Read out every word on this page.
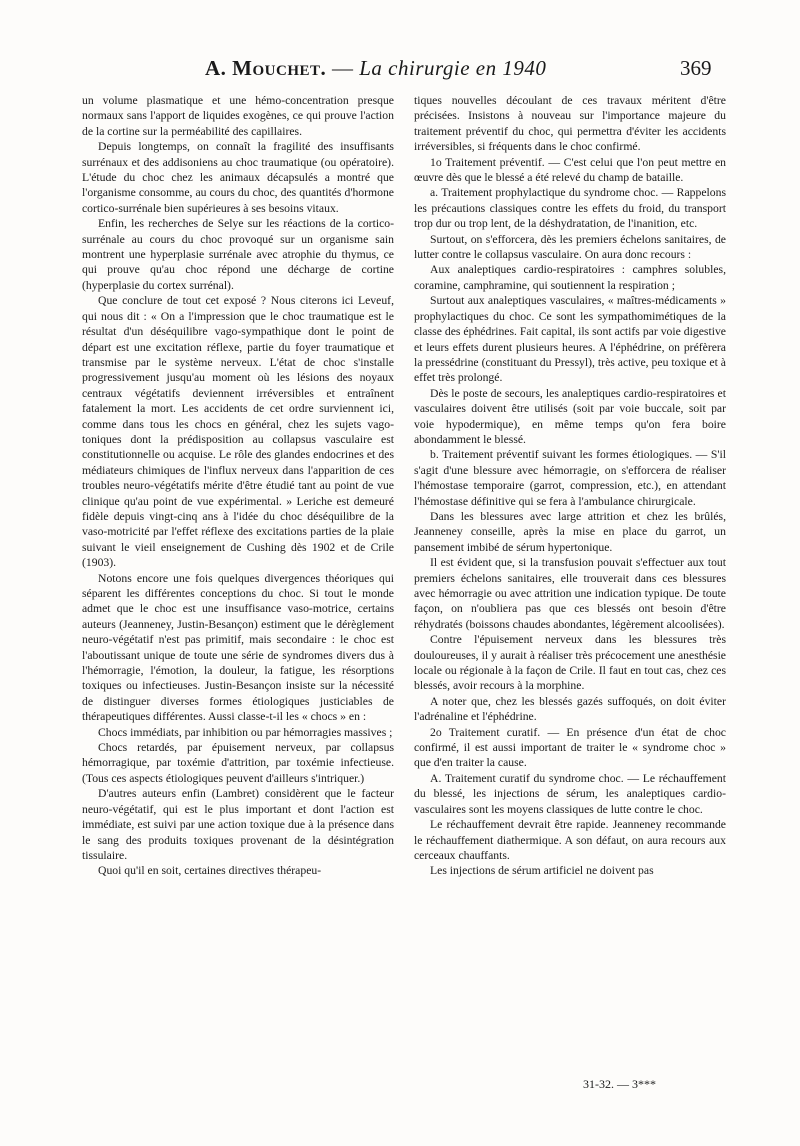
A. Mouchet. — La chirurgie en 1940	369

un volume plasmatique et une hémo-concentration presque normaux sans l'apport de liquides exogènes, ce qui prouve l'action de la cortine sur la perméabilité des capillaires.

Depuis longtemps, on connaît la fragilité des insuffisants surrénaux et des addisoniens au choc traumatique (ou opératoire). L'étude du choc chez les animaux décapsulés a montré que l'organisme consomme, au cours du choc, des quantités d'hormone cortico-surrénale bien supérieures à ses besoins vitaux.

Enfin, les recherches de Selye sur les réactions de la cortico-surrénale au cours du choc provoqué sur un organisme sain montrent une hyperplasie surrénale avec atrophie du thymus, ce qui prouve qu'au choc répond une décharge de cortine (hyperplasie du cortex surrénal).

Que conclure de tout cet exposé ? Nous citerons ici Leveuf, qui nous dit : « On a l'impression que le choc traumatique est le résultat d'un déséquilibre vago-sympathique dont le point de départ est une excitation réflexe, partie du foyer traumatique et transmise par le système nerveux. L'état de choc s'installe progressivement jusqu'au moment où les lésions des noyaux centraux végétatifs deviennent irréversibles et entraînent fatalement la mort. Les accidents de cet ordre surviennent ici, comme dans tous les chocs en général, chez les sujets vago-toniques dont la prédisposition au collapsus vasculaire est constitutionnelle ou acquise. Le rôle des glandes endocrines et des médiateurs chimiques de l'influx nerveux dans l'apparition de ces troubles neuro-végétatifs mérite d'être étudié tant au point de vue clinique qu'au point de vue expérimental. » Leriche est demeuré fidèle depuis vingt-cinq ans à l'idée du choc déséquilibre de la vaso-motricité par l'effet réflexe des excitations parties de la plaie suivant le vieil enseignement de Cushing dès 1902 et de Crile (1903).

Notons encore une fois quelques divergences théoriques qui séparent les différentes conceptions du choc. Si tout le monde admet que le choc est une insuffisance vaso-motrice, certains auteurs (Jeanneney, Justin-Besançon) estiment que le dérèglement neuro-végétatif n'est pas primitif, mais secondaire : le choc est l'aboutissant unique de toute une série de syndromes divers dus à l'hémorragie, l'émotion, la douleur, la fatigue, les résorptions toxiques ou infectieuses. Justin-Besançon insiste sur la nécessité de distinguer diverses formes étiologiques justiciables de thérapeutiques différentes. Aussi classe-t-il les « chocs » en :

Chocs immédiats, par inhibition ou par hémorragies massives ;

Chocs retardés, par épuisement nerveux, par collapsus hémorragique, par toxémie d'attrition, par toxémie infectieuse. (Tous ces aspects étiologiques peuvent d'ailleurs s'intriquer.)

D'autres auteurs enfin (Lambret) considèrent que le facteur neuro-végétatif, qui est le plus important et dont l'action est immédiate, est suivi par une action toxique due à la présence dans le sang des produits toxiques provenant de la désintégration tissulaire.

Quoi qu'il en soit, certaines directives thérapeu-

tiques nouvelles découlant de ces travaux méritent d'être précisées. Insistons à nouveau sur l'importance majeure du traitement préventif du choc, qui permettra d'éviter les accidents irréversibles, si fréquents dans le choc confirmé.

1o Traitement préventif. — C'est celui que l'on peut mettre en œuvre dès que le blessé a été relevé du champ de bataille.

a. Traitement prophylactique du syndrome choc. — Rappelons les précautions classiques contre les effets du froid, du transport trop dur ou trop lent, de la déshydratation, de l'inanition, etc.

Surtout, on s'efforcera, dès les premiers échelons sanitaires, de lutter contre le collapsus vasculaire. On aura donc recours :

Aux analeptiques cardio-respiratoires : camphres solubles, coramine, camphramine, qui soutiennent la respiration ;

Surtout aux analeptiques vasculaires, « maîtres-médicaments » prophylactiques du choc. Ce sont les sympathomimétiques de la classe des éphédrines. Fait capital, ils sont actifs par voie digestive et leurs effets durent plusieurs heures. A l'éphédrine, on préfèrera la pressédrine (constituant du Pressyl), très active, peu toxique et à effet très prolongé.

Dès le poste de secours, les analeptiques cardio-respiratoires et vasculaires doivent être utilisés (soit par voie buccale, soit par voie hypodermique), en même temps qu'on fera boire abondamment le blessé.

b. Traitement préventif suivant les formes étiologiques. — S'il s'agit d'une blessure avec hémorragie, on s'efforcera de réaliser l'hémostase temporaire (garrot, compression, etc.), en attendant l'hémostase définitive qui se fera à l'ambulance chirurgicale.

Dans les blessures avec large attrition et chez les brûlés, Jeanneney conseille, après la mise en place du garrot, un pansement imbibé de sérum hypertonique.

Il est évident que, si la transfusion pouvait s'effectuer aux tout premiers échelons sanitaires, elle trouverait dans ces blessures avec hémorragie ou avec attrition une indication typique. De toute façon, on n'oubliera pas que ces blessés ont besoin d'être réhydratés (boissons chaudes abondantes, légèrement alcoolisées).

Contre l'épuisement nerveux dans les blessures très douloureuses, il y aurait à réaliser très précocement une anesthésie locale ou régionale à la façon de Crile. Il faut en tout cas, chez ces blessés, avoir recours à la morphine.

A noter que, chez les blessés gazés suffoqués, on doit éviter l'adrénaline et l'éphédrine.

2o Traitement curatif. — En présence d'un état de choc confirmé, il est aussi important de traiter le « syndrome choc » que d'en traiter la cause.

A. Traitement curatif du syndrome choc. — Le réchauffement du blessé, les injections de sérum, les analeptiques cardio-vasculaires sont les moyens classiques de lutte contre le choc.

Le réchauffement devrait être rapide. Jeanneney recommande le réchauffement diathermique. A son défaut, on aura recours aux cerceaux chauffants.

Les injections de sérum artificiel ne doivent pas

31-32. — 3***
